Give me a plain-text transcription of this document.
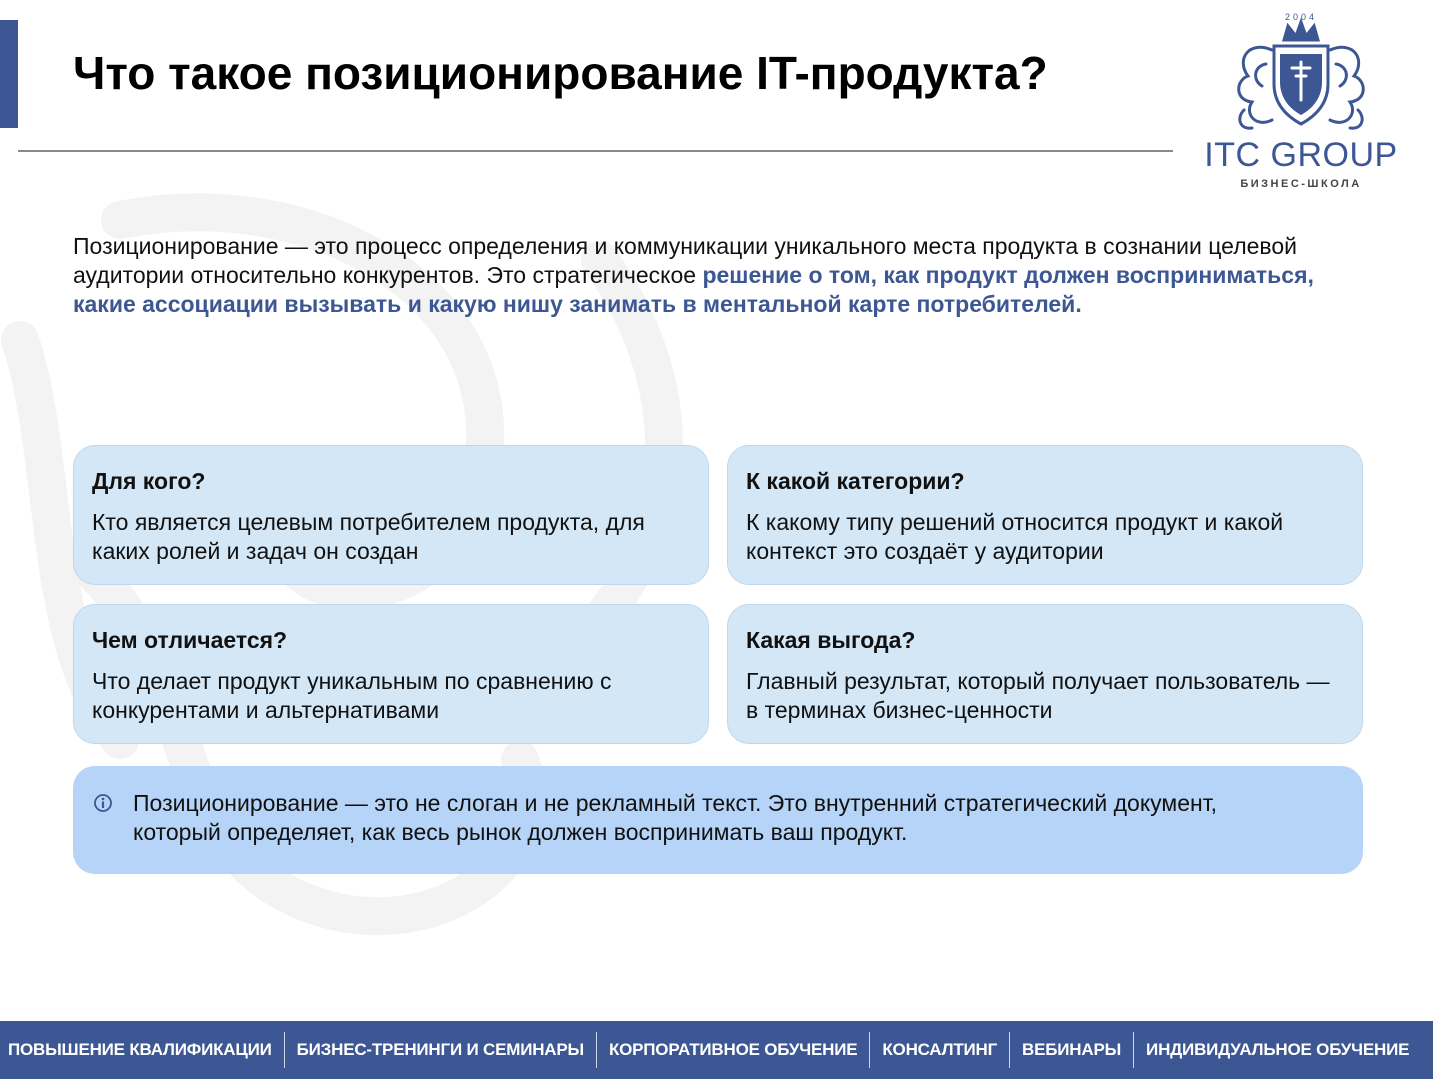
Что такое позиционирование IT-продукта?
2004
ITC GROUP
БИЗНЕС-ШКОЛА

Позиционирование — это процесс определения и коммуникации уникального места продукта в сознании целевой аудитории относительно конкурентов. Это стратегическое решение о том, как продукт должен восприниматься, какие ассоциации вызывать и какую нишу занимать в ментальной карте потребителей.

Для кого?

Кто является целевым потребителем продукта, для каких ролей и задач он создан

К какой категории?

К какому типу решений относится продукт и какой контекст это создаёт у аудитории

Чем отличается?

Что делает продукт уникальным по сравнению с конкурентами и альтернативами

Какая выгода?

Главный результат, который получает пользователь — в терминах бизнес-ценности

Позиционирование — это не слоган и не рекламный текст. Это внутренний стратегический документ, который определяет, как весь рынок должен воспринимать ваш продукт.

ПОВЫШЕНИЕ КВАЛИФИКАЦИИ	БИЗНЕС-ТРЕНИНГИ И СЕМИНАРЫ	КОРПОРАТИВНОЕ ОБУЧЕНИЕ	КОНСАЛТИНГ	ВЕБИНАРЫ	ИНДИВИДУАЛЬНОЕ ОБУЧЕНИЕ
